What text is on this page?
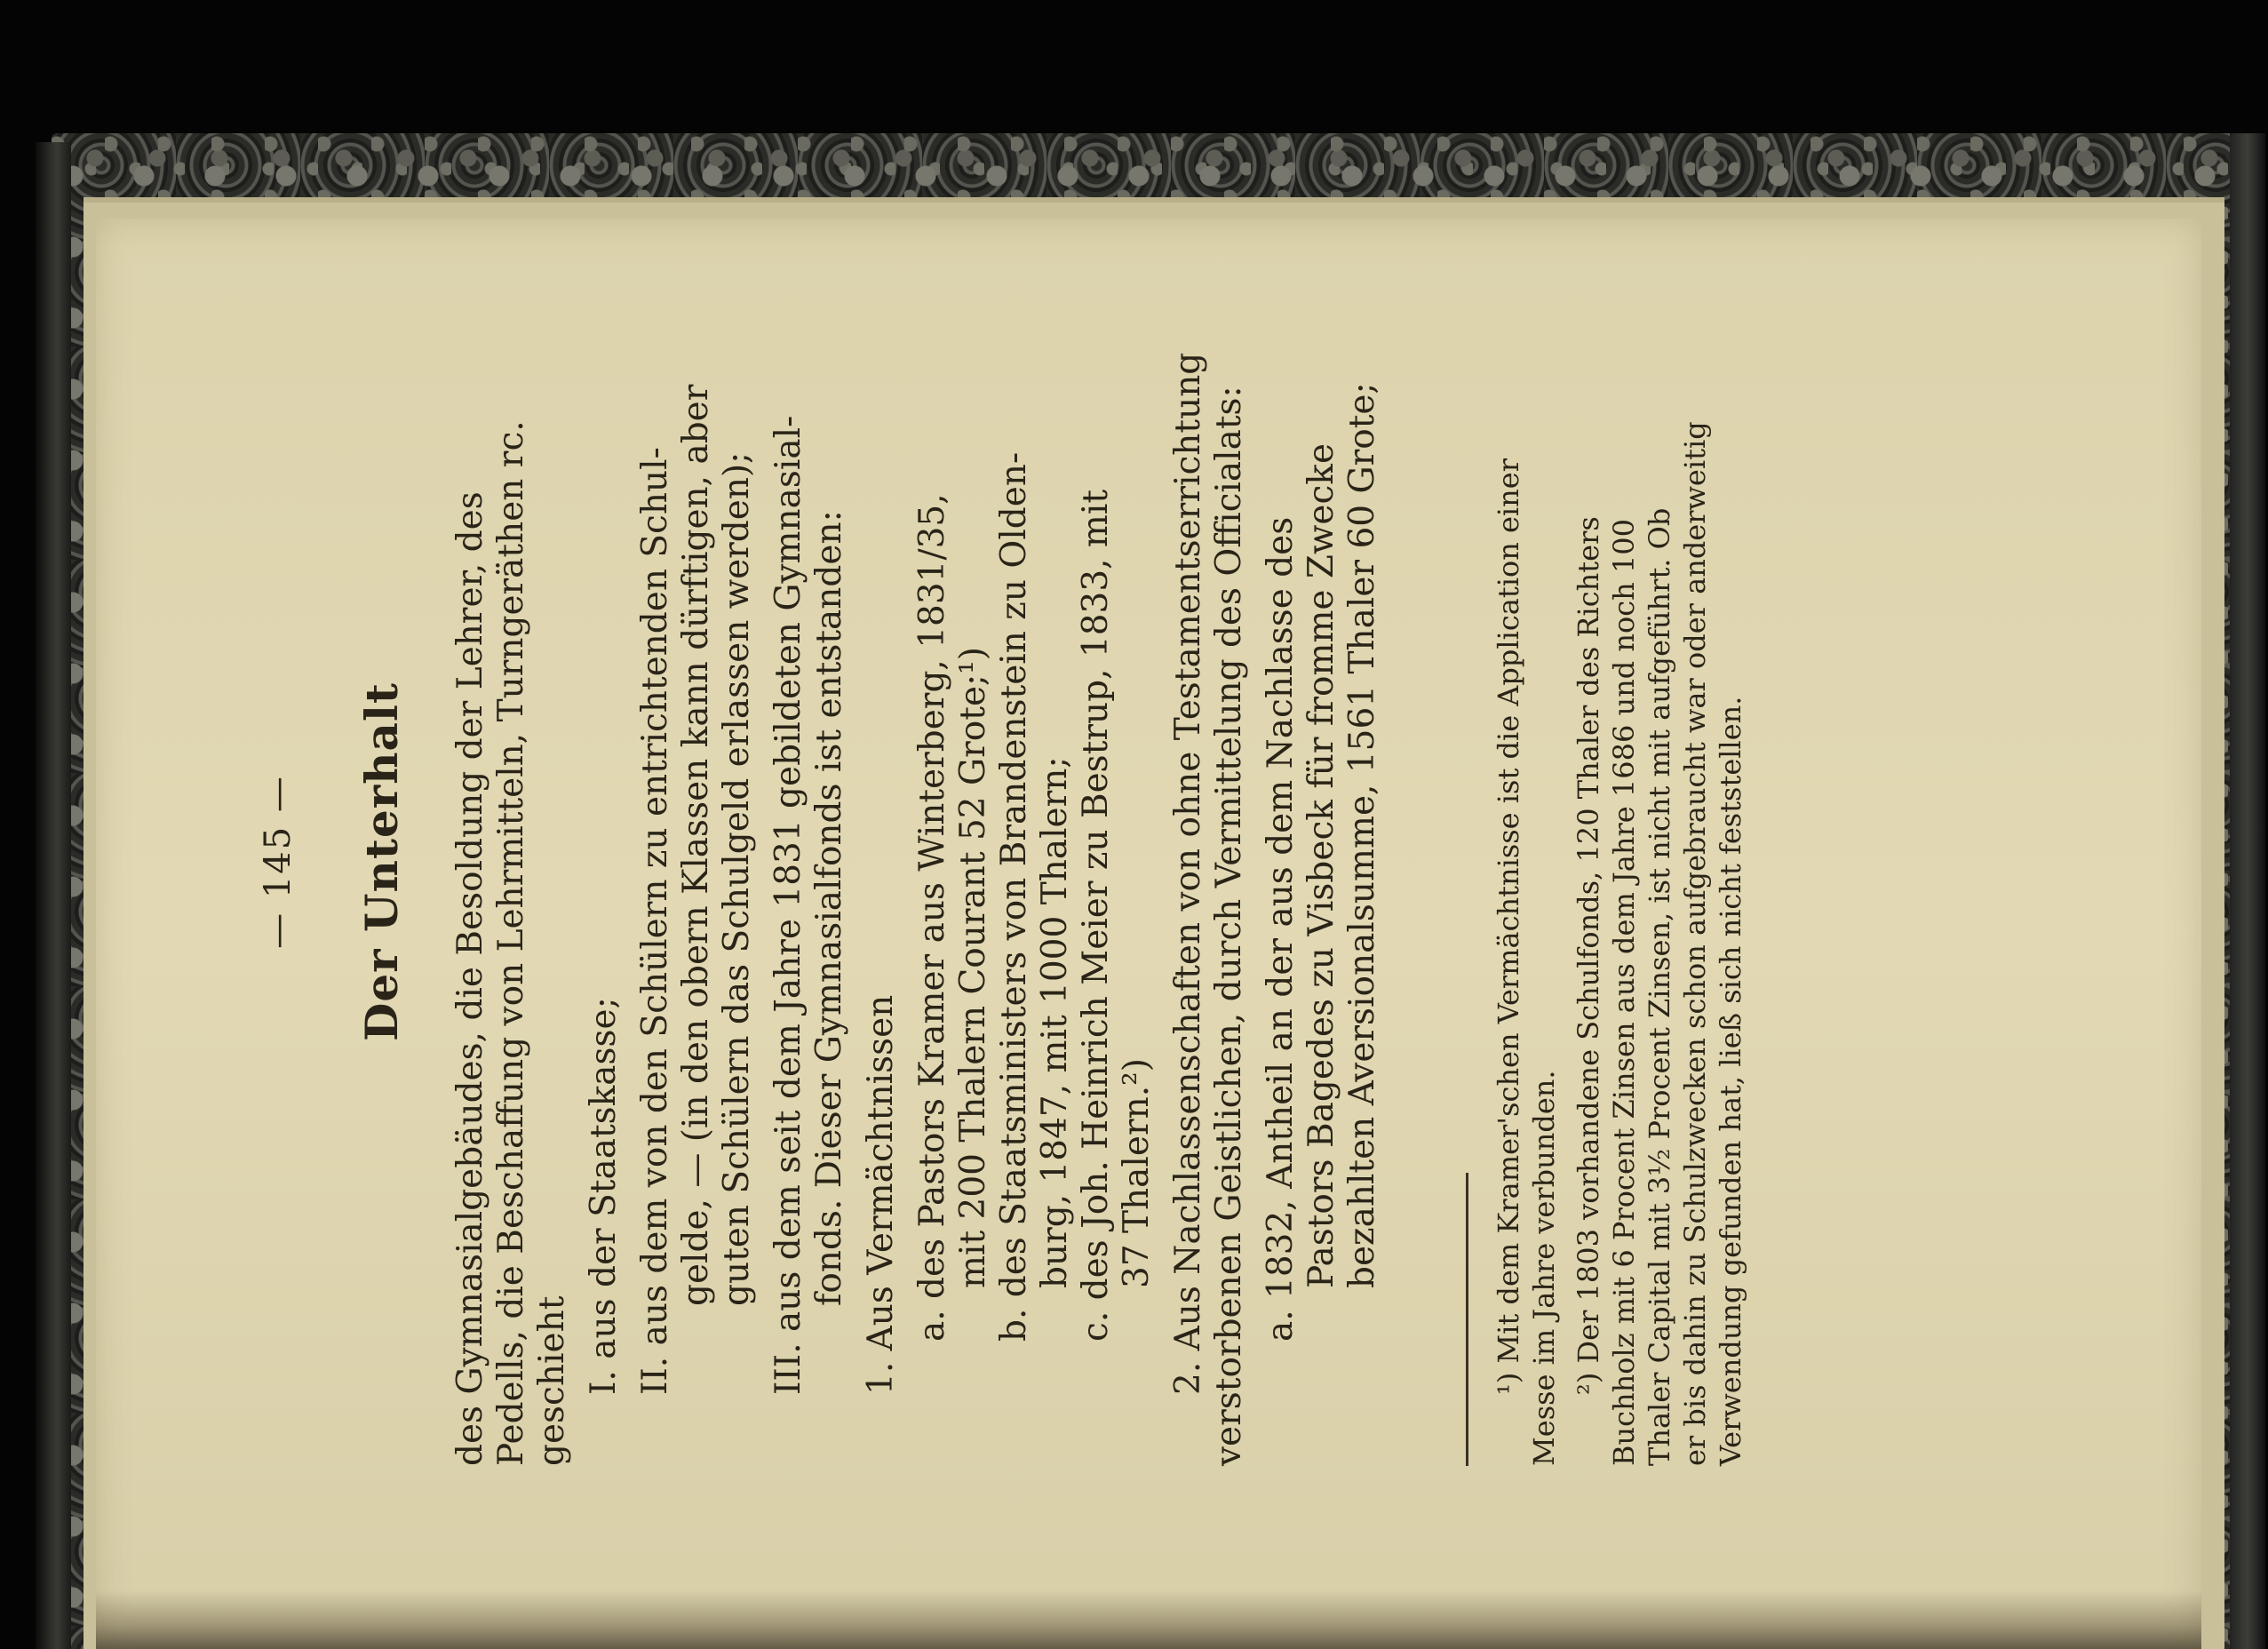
— 145 — Der Unterhalt des Gymnasialgebäudes, die Besoldung der Lehrer, des Pedells, die Beschaffung von Lehrmitteln, Turngeräthen rc. geschieht I. aus der Staatskasse; II. aus dem von den Schülern zu entrichtenden Schul- gelde, — (in den obern Klassen kann dürftigen, aber guten Schülern das Schulgeld erlassen werden); III. aus dem seit dem Jahre 1831 gebildeten Gymnasial- fonds. Dieser Gymnasialfonds ist entstanden: 1. Aus Vermächtnissen a. des Pastors Kramer aus Winterberg, 1831/35, mit 200 Thalern Courant 52 Grote;¹) b. des Staatsministers von Brandenstein zu Olden- burg, 1847, mit 1000 Thalern; c. des Joh. Heinrich Meier zu Bestrup, 1833, mit 37 Thalern.²) 2. Aus Nachlassenschaften von ohne Testamentserrichtung verstorbenen Geistlichen, durch Vermittelung des Officialats: a. 1832, Antheil an der aus dem Nachlasse des Pastors Bagedes zu Visbeck für fromme Zwecke bezahlten Aversionalsumme, 1561 Thaler 60 Grote;	¹) Mit dem Kramer'schen Vermächtnisse ist die Application einer Messe im Jahre verbunden. ²) Der 1803 vorhandene Schulfonds, 120 Thaler des Richters Buchholz mit 6 Procent Zinsen aus dem Jahre 1686 und noch 100 Thaler Capital mit 3½ Procent Zinsen, ist nicht mit aufgeführt. Ob er bis dahin zu Schulzwecken schon aufgebraucht war oder anderweitig Verwendung gefunden hat, ließ sich nicht feststellen.
